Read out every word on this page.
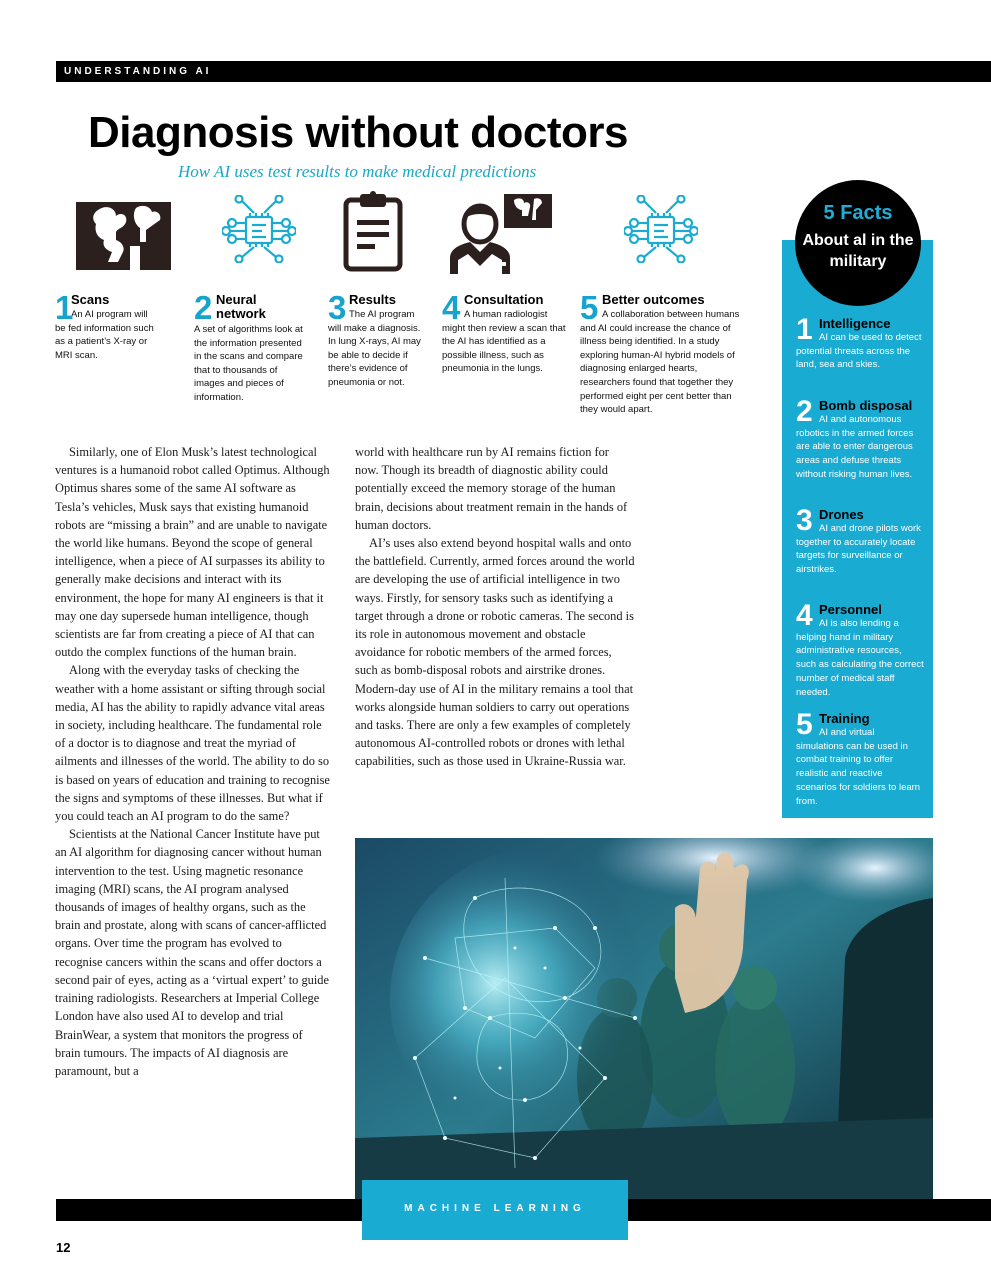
UNDERSTANDING AI
Diagnosis without doctors
How AI uses test results to make medical predictions
1
Scans

An AI program will be fed information such as a patient’s X-ray or MRI scan.

2 Neural
network

A set of algorithms look at the information presented in the scans and compare that to thousands of images and pieces of information.

3 Results

The AI program will make a diagnosis. In lung X-rays, AI may be able to decide if there’s evidence of pneumonia or not.

4 Consultation

A human radiologist might then review a scan that the AI has identified as a possible illness, such as pneumonia in the lungs.

5 Better outcomes

A collaboration between humans and AI could increase the chance of illness being identified. In a study exploring human-AI hybrid models of diagnosing enlarged hearts, researchers found that together they performed eight per cent better than they would apart.

Similarly, one of Elon Musk’s latest technological ventures is a humanoid robot called Optimus. Although Optimus shares some of the same AI software as Tesla’s vehicles, Musk says that existing humanoid robots are “missing a brain” and are unable to navigate the world like humans. Beyond the scope of general intelligence, when a piece of AI surpasses its ability to generally make decisions and interact with its environment, the hope for many AI engineers is that it may one day supersede human intelligence, though scientists are far from creating a piece of AI that can outdo the complex functions of the human brain.

Along with the everyday tasks of checking the weather with a home assistant or sifting through social media, AI has the ability to rapidly advance vital areas in society, including healthcare. The fundamental role of a doctor is to diagnose and treat the myriad of ailments and illnesses of the world. The ability to do so is based on years of education and training to recognise the signs and symptoms of these illnesses. But what if you could teach an AI program to do the same?

Scientists at the National Cancer Institute have put an AI algorithm for diagnosing cancer without human intervention to the test. Using magnetic resonance imaging (MRI) scans, the AI program analysed thousands of images of healthy organs, such as the brain and prostate, along with scans of cancer-afflicted organs. Over time the program has evolved to recognise cancers within the scans and offer doctors a second pair of eyes, acting as a ‘virtual expert’ to guide training radiologists. Researchers at Imperial College London have also used AI to develop and trial BrainWear, a system that monitors the progress of brain tumours. The impacts of AI diagnosis are paramount, but a

world with healthcare run by AI remains fiction for now. Though its breadth of diagnostic ability could potentially exceed the memory storage of the human brain, decisions about treatment remain in the hands of human doctors.

AI’s uses also extend beyond hospital walls and onto the battlefield. Currently, armed forces around the world are developing the use of artificial intelligence in two ways. Firstly, for sensory tasks such as identifying a target through a drone or robotic cameras. The second is its role in autonomous movement and obstacle avoidance for robotic members of the armed forces, such as bomb-disposal robots and airstrike drones. Modern-day use of AI in the military remains a tool that works alongside human soldiers to carry out operations and tasks. There are only a few examples of completely autonomous AI-controlled robots or drones with lethal capabilities, such as those used in Ukraine-Russia war.

5 Facts
About al in the military
1 Intelligence

AI can be used to detect potential threats across the land, sea and skies.

2 Bomb disposal

AI and autonomous robotics in the armed forces are able to enter dangerous areas and defuse threats without risking human lives.

3 Drones

AI and drone pilots work together to accurately locate targets for surveillance or airstrikes.

4 Personnel

AI is also lending a helping hand in military administrative resources, such as calculating the correct number of medical staff needed.

5 Training

AI and virtual simulations can be used in combat training to offer realistic and reactive scenarios for soldiers to learn from.

MACHINE LEARNING
12
